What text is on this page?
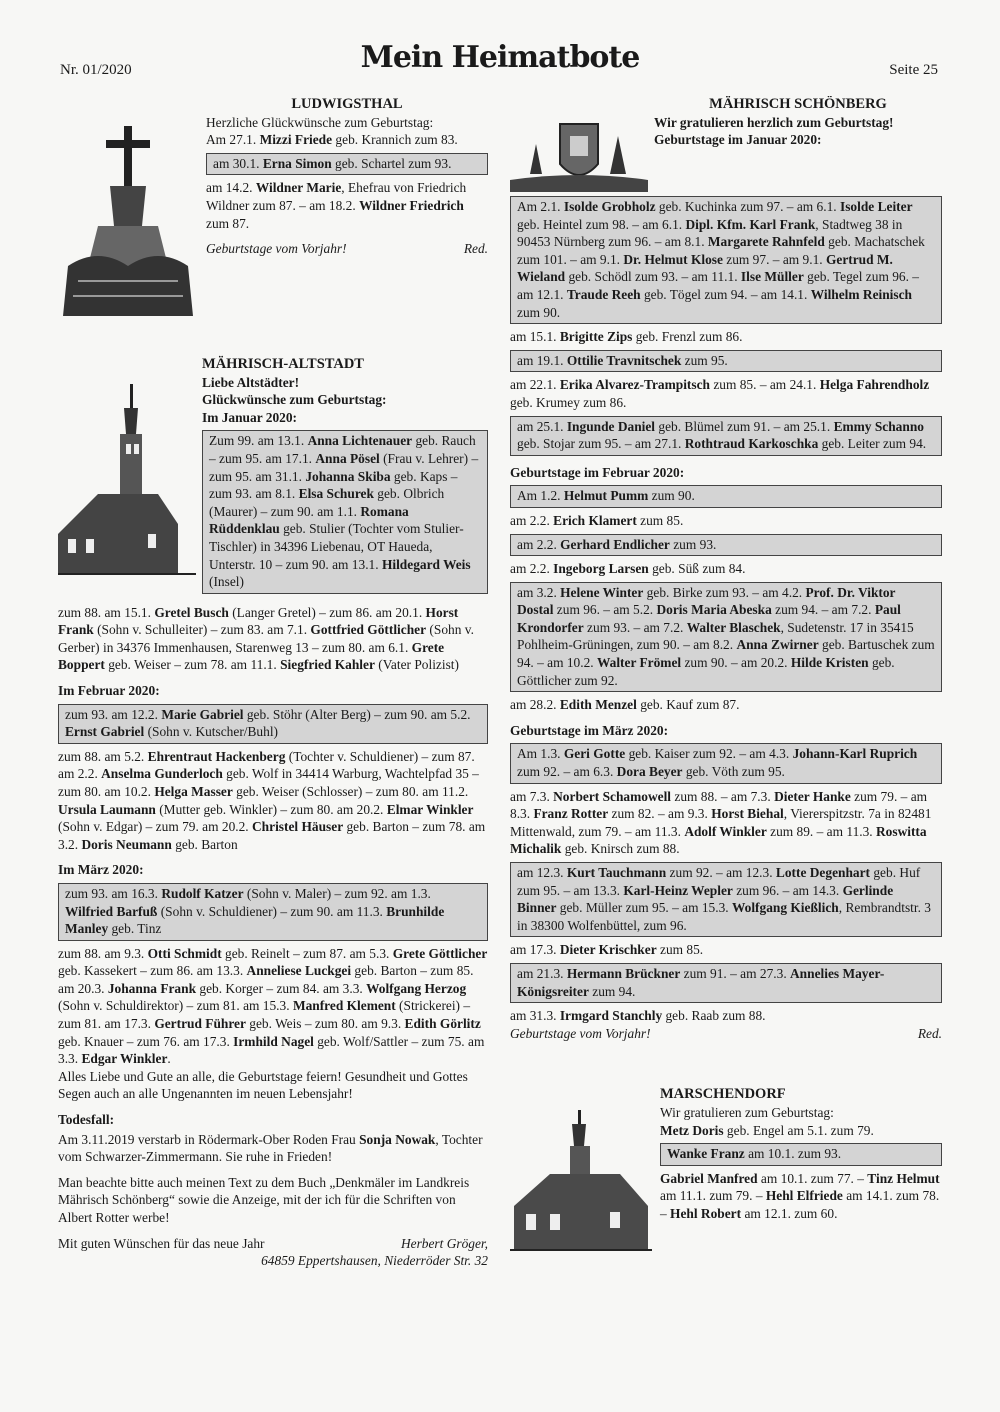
Nr. 01/2020	Mein Heimatbote	Seite 25
LUDWIGSTHAL

Herzliche Glückwünsche zum Geburtstag:

Am 27.1. Mizzi Friede geb. Krannich zum 83.

am 30.1. Erna Simon geb. Schartel zum 93.

am 14.2. Wildner Marie, Ehefrau von Friedrich Wildner zum 87. – am 18.2. Wildner Friedrich zum 87.

Geburtstage vom Vorjahr!	Red.
MÄHRISCH-ALTSTADT

Liebe Altstädter!

Glückwünsche zum Geburtstag:

Im Januar 2020:

Zum 99. am 13.1. Anna Lichtenauer geb. Rauch – zum 95. am 17.1. Anna Pösel (Frau v. Lehrer) – zum 95. am 31.1. Johanna Skiba geb. Kaps – zum 93. am 8.1. Elsa Schurek geb. Olbrich (Maurer) – zum 90. am 1.1. Romana Rüddenklau geb. Stulier (Tochter vom Stulier-Tischler) in 34396 Liebenau, OT Haueda, Unterstr. 10 – zum 90. am 13.1. Hildegard Weis (Insel)

zum 88. am 15.1. Gretel Busch (Langer Gretel) – zum 86. am 20.1. Horst Frank (Sohn v. Schulleiter) – zum 83. am 7.1. Gottfried Göttlicher (Sohn v. Gerber) in 34376 Immenhausen, Starenweg 13 – zum 80. am 6.1. Grete Boppert geb. Weiser – zum 78. am 11.1. Siegfried Kahler (Vater Polizist)

Im Februar 2020:

zum 93. am 12.2. Marie Gabriel geb. Stöhr (Alter Berg) – zum 90. am 5.2. Ernst Gabriel (Sohn v. Kutscher/Buhl)

zum 88. am 5.2. Ehrentraut Hackenberg (Tochter v. Schuldiener) – zum 87. am 2.2. Anselma Gunderloch geb. Wolf in 34414 Warburg, Wachtelpfad 35 – zum 80. am 10.2. Helga Masser geb. Weiser (Schlosser) – zum 80. am 11.2. Ursula Laumann (Mutter geb. Winkler) – zum 80. am 20.2. Elmar Winkler (Sohn v. Edgar) – zum 79. am 20.2. Christel Häuser geb. Barton – zum 78. am 3.2. Doris Neumann geb. Barton

Im März 2020:

zum 93. am 16.3. Rudolf Katzer (Sohn v. Maler) – zum 92. am 1.3. Wilfried Barfuß (Sohn v. Schuldiener) – zum 90. am 11.3. Brunhilde Manley geb. Tinz

zum 88. am 9.3. Otti Schmidt geb. Reinelt – zum 87. am 5.3. Grete Göttlicher geb. Kassekert – zum 86. am 13.3. Anneliese Luckgei geb. Barton – zum 85. am 20.3. Johanna Frank geb. Korger – zum 84. am 3.3. Wolfgang Herzog (Sohn v. Schuldirektor) – zum 81. am 15.3. Manfred Klement (Strickerei) – zum 81. am 17.3. Gertrud Führer geb. Weis – zum 80. am 9.3. Edith Görlitz geb. Knauer – zum 76. am 17.3. Irmhild Nagel geb. Wolf/Sattler – zum 75. am 3.3. Edgar Winkler.

Alles Liebe und Gute an alle, die Geburtstage feiern! Gesundheit und Gottes Segen auch an alle Ungenannten im neuen Lebensjahr!

Todesfall:

Am 3.11.2019 verstarb in Rödermark-Ober Roden Frau Sonja Nowak, Tochter vom Schwarzer-Zimmermann. Sie ruhe in Frieden!

Man beachte bitte auch meinen Text zu dem Buch „Denkmäler im Landkreis Mährisch Schönberg“ sowie die Anzeige, mit der ich für die Schriften von Albert Rotter werbe!

Mit guten Wünschen für das neue Jahr	Herbert Gröger,

64859 Eppertshausen, Niederröder Str. 32

MÄHRISCH SCHÖNBERG

Wir gratulieren herzlich zum Geburtstag!

Geburtstage im Januar 2020:

Am 2.1. Isolde Grobholz geb. Kuchinka zum 97. – am 6.1. Isolde Leiter geb. Heintel zum 98. – am 6.1. Dipl. Kfm. Karl Frank, Stadtweg 38 in 90453 Nürnberg zum 96. – am 8.1. Margarete Rahnfeld geb. Machatschek zum 101. – am 9.1. Dr. Helmut Klose zum 97. – am 9.1. Gertrud M. Wieland geb. Schödl zum 93. – am 11.1. Ilse Müller geb. Tegel zum 96. – am 12.1. Traude Reeh geb. Tögel zum 94. – am 14.1. Wilhelm Reinisch zum 90.

am 15.1. Brigitte Zips geb. Frenzl zum 86.

am 19.1. Ottilie Travnitschek zum 95.

am 22.1. Erika Alvarez-Trampitsch zum 85. – am 24.1. Helga Fahrendholz geb. Krumey zum 86.

am 25.1. Ingunde Daniel geb. Blümel zum 91. – am 25.1. Emmy Schanno geb. Stojar zum 95. – am 27.1. Rothtraud Karkoschka geb. Leiter zum 94.

Geburtstage im Februar 2020:

Am 1.2. Helmut Pumm zum 90.

am 2.2. Erich Klamert zum 85.

am 2.2. Gerhard Endlicher zum 93.

am 2.2. Ingeborg Larsen geb. Süß zum 84.

am 3.2. Helene Winter geb. Birke zum 93. – am 4.2. Prof. Dr. Viktor Dostal zum 96. – am 5.2. Doris Maria Abeska zum 94. – am 7.2. Paul Krondorfer zum 93. – am 7.2. Walter Blaschek, Sudetenstr. 17 in 35415 Pohlheim-Grüningen, zum 90. – am 8.2. Anna Zwirner geb. Bartuschek zum 94. – am 10.2. Walter Frömel zum 90. – am 20.2. Hilde Kristen geb. Göttlicher zum 92.

am 28.2. Edith Menzel geb. Kauf zum 87.

Geburtstage im März 2020:

Am 1.3. Geri Gotte geb. Kaiser zum 92. – am 4.3. Johann-Karl Ruprich zum 92. – am 6.3. Dora Beyer geb. Vöth zum 95.

am 7.3. Norbert Schamowell zum 88. – am 7.3. Dieter Hanke zum 79. – am 8.3. Franz Rotter zum 82. – am 9.3. Horst Biehal, Viererspitzstr. 7a in 82481 Mittenwald, zum 79. – am 11.3. Adolf Winkler zum 89. – am 11.3. Roswitta Michalik geb. Knirsch zum 88.

am 12.3. Kurt Tauchmann zum 92. – am 12.3. Lotte Degenhart geb. Huf zum 95. – am 13.3. Karl-Heinz Wepler zum 96. – am 14.3. Gerlinde Binner geb. Müller zum 95. – am 15.3. Wolfgang Kießlich, Rembrandtstr. 3 in 38300 Wolfenbüttel, zum 96.

am 17.3. Dieter Krischker zum 85.

am 21.3. Hermann Brückner zum 91. – am 27.3. Annelies Mayer-Königsreiter zum 94.

am 31.3. Irmgard Stanchly geb. Raab zum 88.

Geburtstage vom Vorjahr!	Red.
MARSCHENDORF

Wir gratulieren zum Geburtstag:

Metz Doris geb. Engel am 5.1. zum 79.

Wanke Franz am 10.1. zum 93.

Gabriel Manfred am 10.1. zum 77. – Tinz Helmut am 11.1. zum 79. – Hehl Elfriede am 14.1. zum 78. – Hehl Robert am 12.1. zum 60.
